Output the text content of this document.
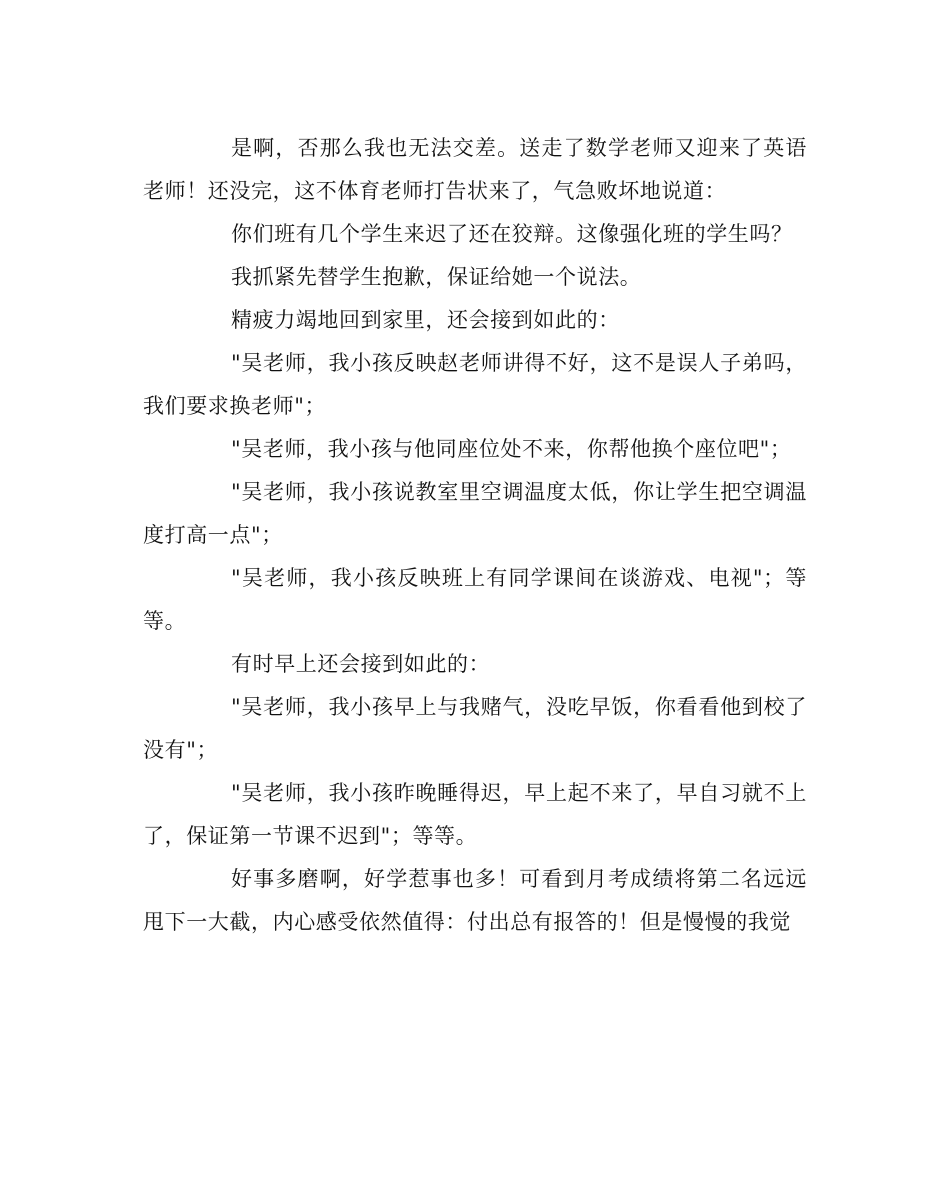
是啊，否那么我也无法交差。送走了数学老师又迎来了英语老师！还没完，这不体育老师打告状来了，气急败坏地说道：

你们班有几个学生来迟了还在狡辩。这像强化班的学生吗？

我抓紧先替学生抱歉，保证给她一个说法。

精疲力竭地回到家里，还会接到如此的：

"吴老师，我小孩反映赵老师讲得不好，这不是误人子弟吗，我们要求换老师"；

"吴老师，我小孩与他同座位处不来，你帮他换个座位吧"；

"吴老师，我小孩说教室里空调温度太低，你让学生把空调温度打高一点"；

"吴老师，我小孩反映班上有同学课间在谈游戏、电视"；等等。

有时早上还会接到如此的：

"吴老师，我小孩早上与我赌气，没吃早饭，你看看他到校了没有"；

"吴老师，我小孩昨晚睡得迟，早上起不来了，早自习就不上了，保证第一节课不迟到"；等等。

好事多磨啊，好学惹事也多！可看到月考成绩将第二名远远甩下一大截，内心感受依然值得：付出总有报答的！但是慢慢的我觉
